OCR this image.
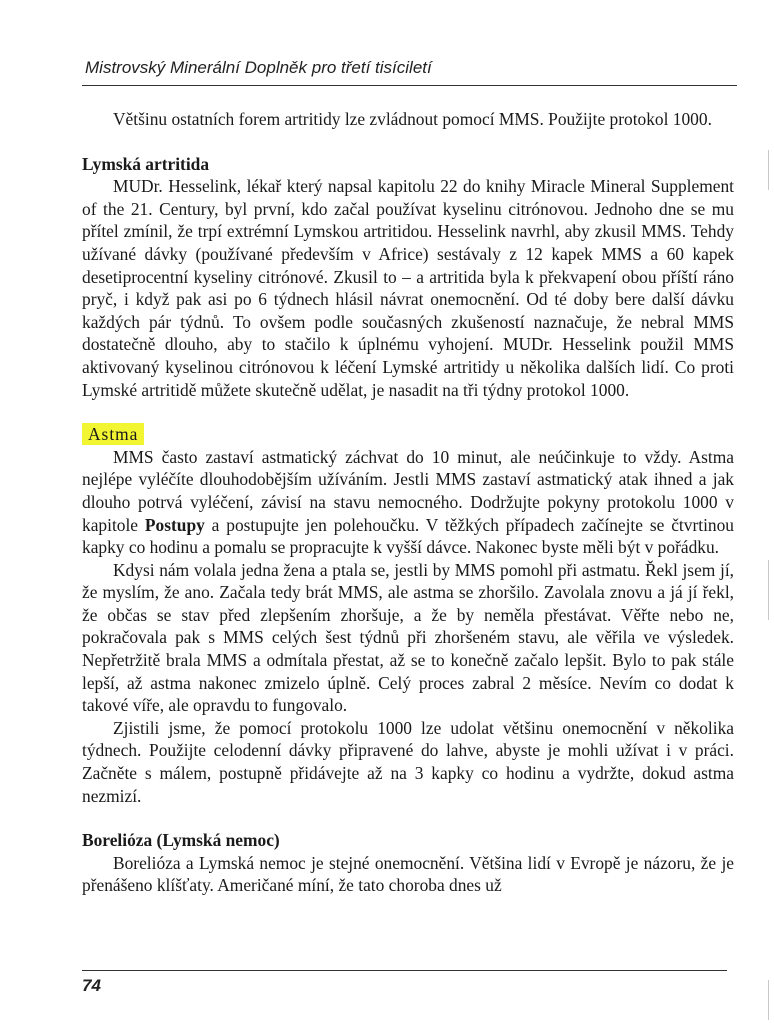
Mistrovský Minerální Doplněk pro třetí tisíciletí

Většinu ostatních forem artritidy lze zvládnout pomocí MMS. Použijte protokol 1000.

Lymská artritida

MUDr. Hesselink, lékař který napsal kapitolu 22 do knihy Miracle Mineral Supplement of the 21. Century, byl první, kdo začal používat kyselinu citrónovou. Jednoho dne se mu přítel zmínil, že trpí extrémní Lymskou artritidou. Hesselink navrhl, aby zkusil MMS. Tehdy užívané dávky (používané především v Africe) sestávaly z 12 kapek MMS a 60 kapek desetiprocentní kyseliny citrónové. Zkusil to – a artritida byla k překvapení obou příští ráno pryč, i když pak asi po 6 týdnech hlásil návrat onemocnění. Od té doby bere další dávku každých pár týdnů. To ovšem podle současných zkušeností naznačuje, že nebral MMS dostatečně dlouho, aby to stačilo k úplnému vyhojení. MUDr. Hesselink použil MMS aktivovaný kyselinou citrónovou k léčení Lymské artritidy u několika dalších lidí. Co proti Lymské artritidě můžete skutečně udělat, je nasadit na tři týdny protokol 1000.

Astma

MMS často zastaví astmatický záchvat do 10 minut, ale neúčinkuje to vždy. Astma nejlépe vyléčíte dlouhodobějším užíváním. Jestli MMS zastaví astmatický atak ihned a jak dlouho potrvá vyléčení, závisí na stavu nemocného. Dodržujte pokyny protokolu 1000 v kapitole Postupy a postupujte jen polehoučku. V těžkých případech začínejte se čtvrtinou kapky co hodinu a pomalu se propracujte k vyšší dávce. Nakonec byste měli být v pořádku.

Kdysi nám volala jedna žena a ptala se, jestli by MMS pomohl při astmatu. Řekl jsem jí, že myslím, že ano. Začala tedy brát MMS, ale astma se zhoršilo. Zavolala znovu a já jí řekl, že občas se stav před zlepšením zhoršuje, a že by neměla přestávat. Věřte nebo ne, pokračovala pak s MMS celých šest týdnů při zhoršeném stavu, ale věřila ve výsledek. Nepřetržitě brala MMS a odmítala přestat, až se to konečně začalo lepšit. Bylo to pak stále lepší, až astma nakonec zmizelo úplně. Celý proces zabral 2 měsíce. Nevím co dodat k takové víře, ale opravdu to fungovalo.

Zjistili jsme, že pomocí protokolu 1000 lze udolat většinu onemocnění v několika týdnech. Použijte celodenní dávky připravené do lahve, abyste je mohli užívat i v práci. Začněte s málem, postupně přidávejte až na 3 kapky co hodinu a vydržte, dokud astma nezmizí.

Borelióza (Lymská nemoc)

Borelióza a Lymská nemoc je stejné onemocnění. Většina lidí v Evropě je názoru, že je přenášeno klíšťaty. Američané míní, že tato choroba dnes už

74
